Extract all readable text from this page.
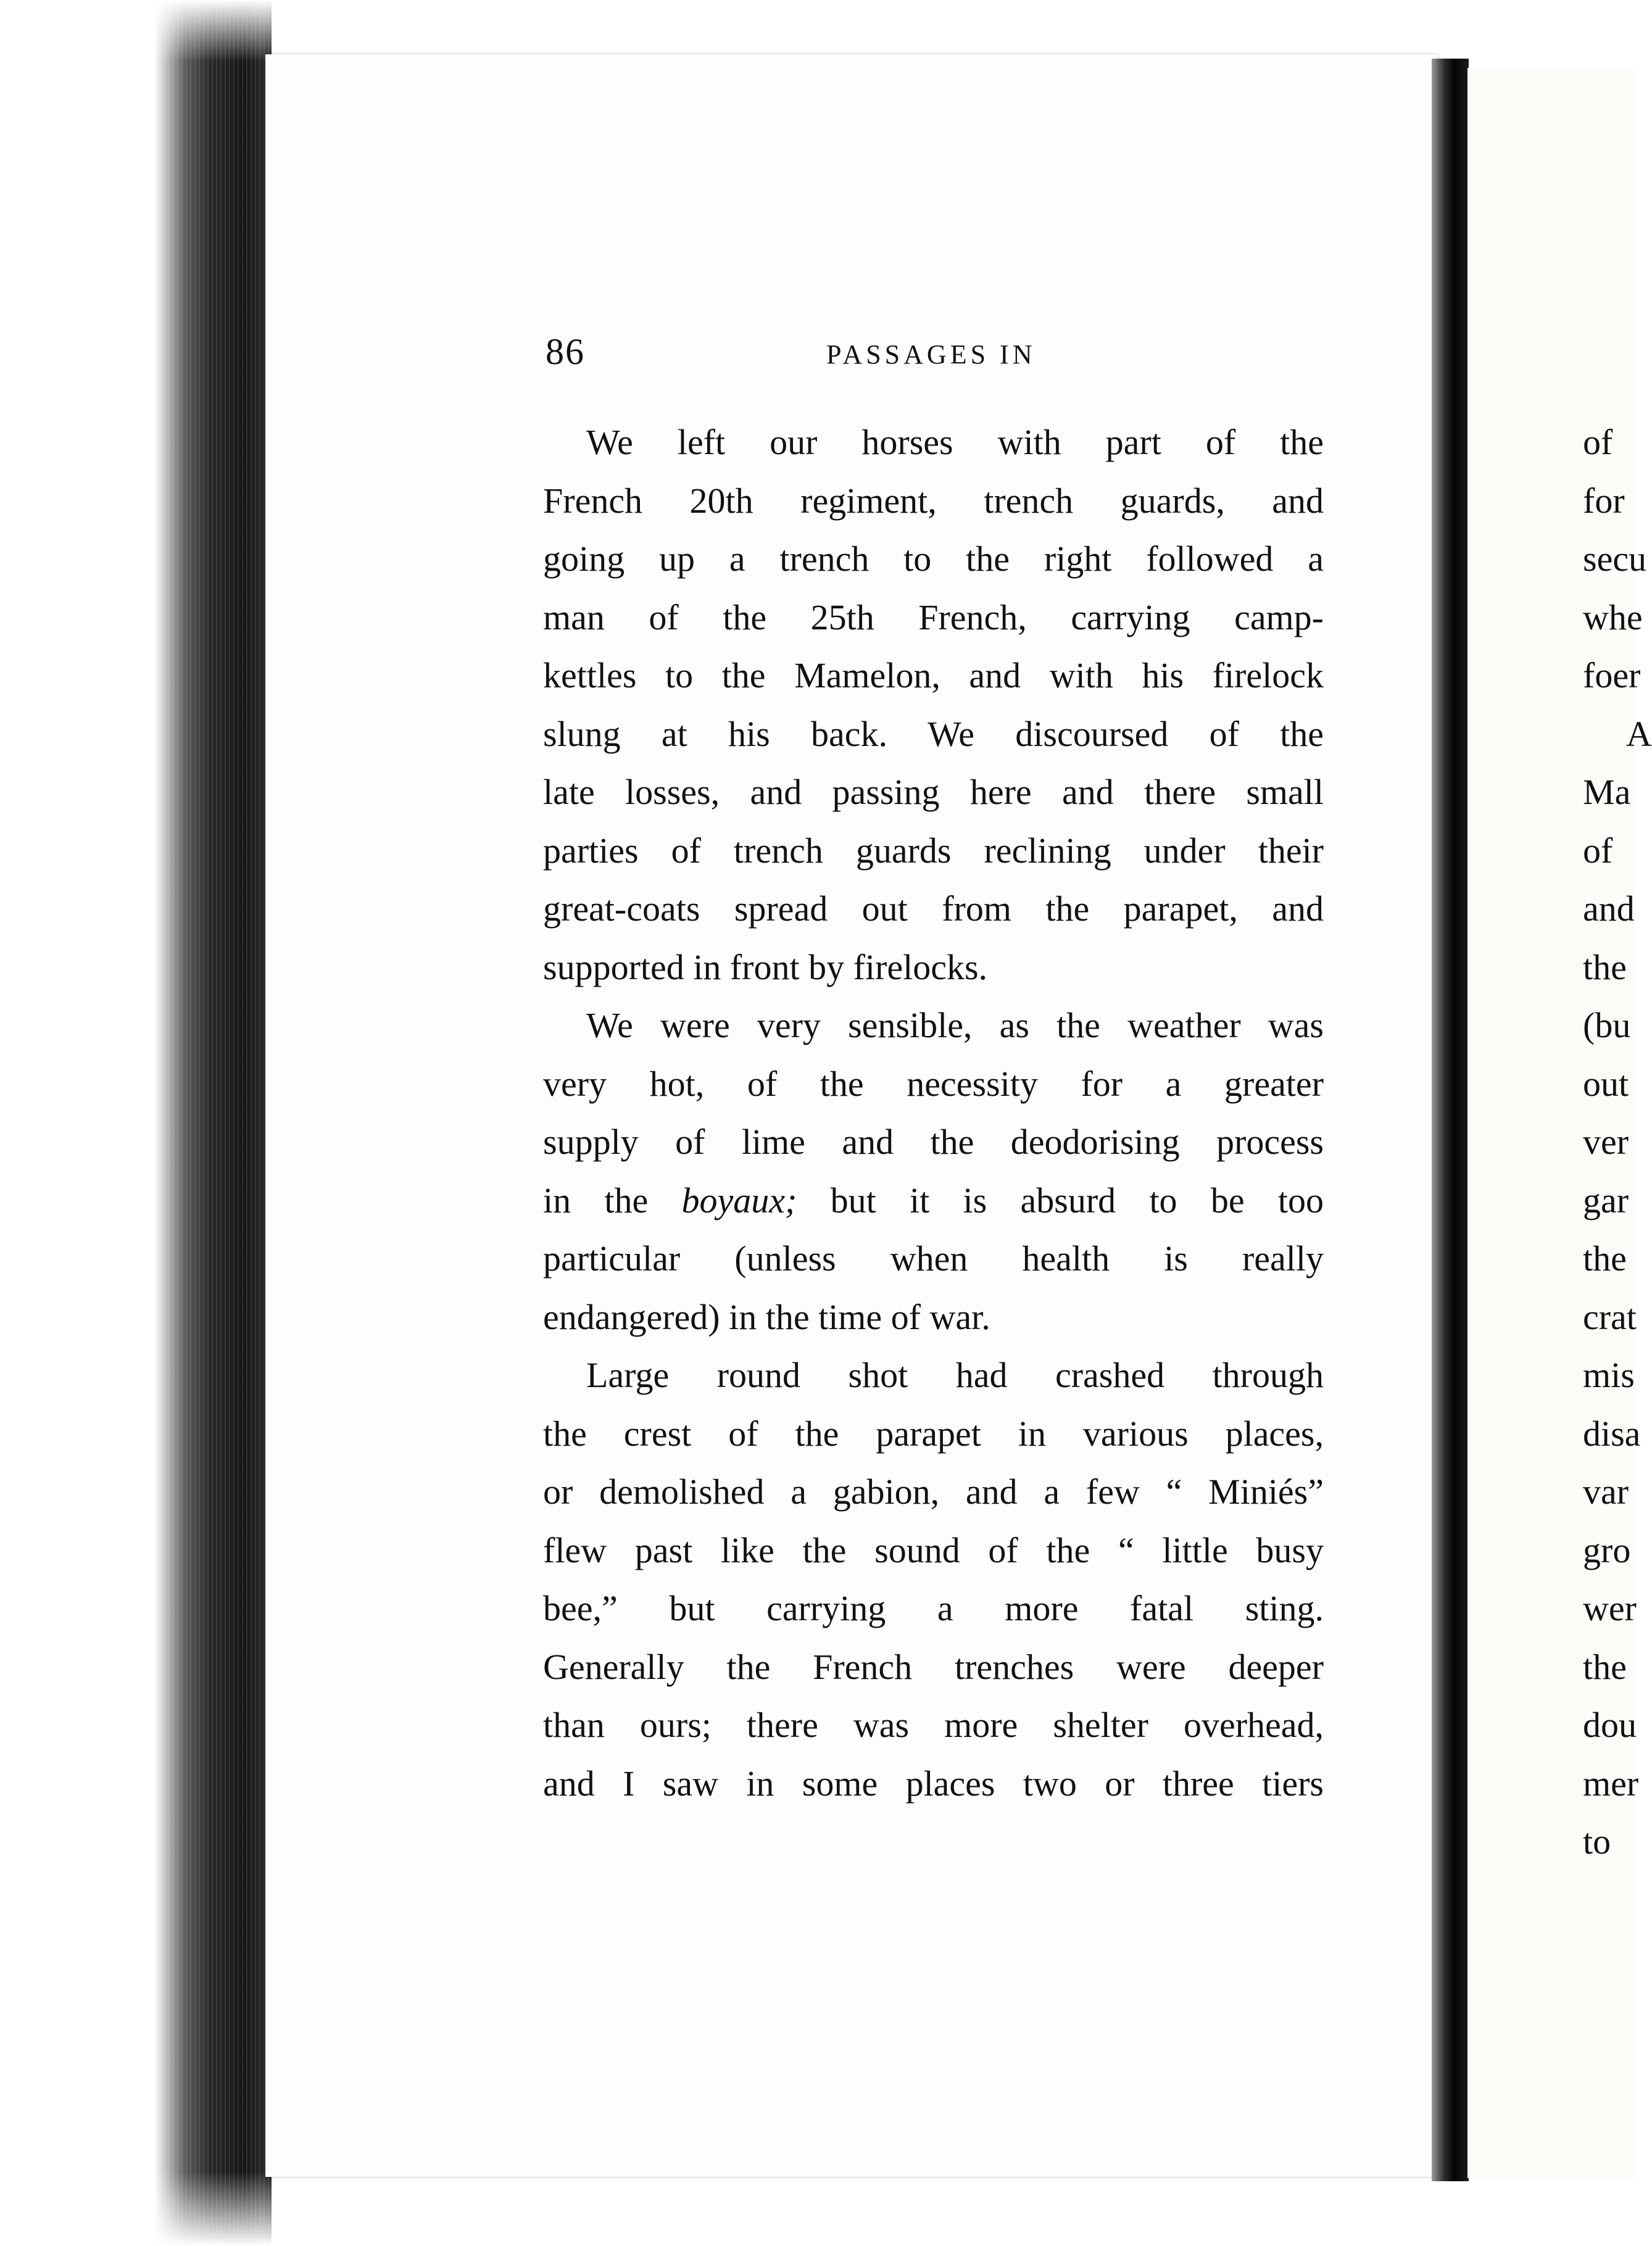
86	PASSAGES IN
We left our horses with part of the
French 20th regiment, trench guards, and
going up a trench to the right followed a
man of the 25th French, carrying camp-
kettles to the Mamelon, and with his firelock
slung at his back. We discoursed of the
late losses, and passing here and there small
parties of trench guards reclining under their
great-coats spread out from the parapet, and
supported in front by firelocks.
We were very sensible, as the weather was
very hot, of the necessity for a greater
supply of lime and the deodorising process
in the boyaux; but it is absurd to be too
particular (unless when health is really
endangered) in the time of war.
Large round shot had crashed through
the crest of the parapet in various places,
or demolished a gabion, and a few “ Miniés”
flew past like the sound of the “ little busy
bee,” but carrying a more fatal sting.
Generally the French trenches were deeper
than ours; there was more shelter overhead,
and I saw in some places two or three tiers
of
for
secu
whe
foer
A
Ma
of
and
the
(bu
out
ver
gar
the
crat
mis
disa
var
gro
wer
the
dou
mer
to
